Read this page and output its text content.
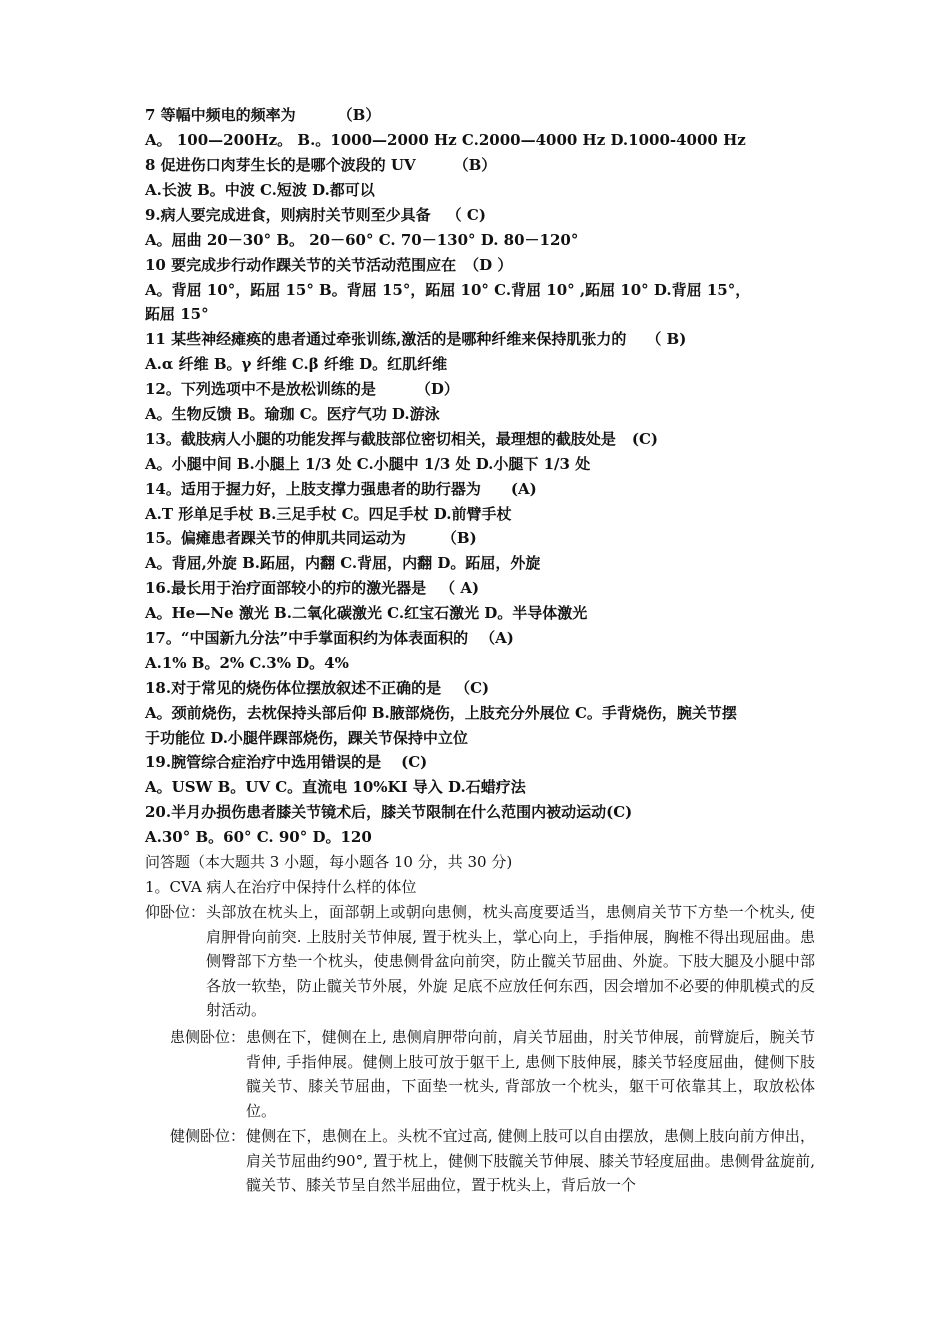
7 等幅中频电的频率为	（B）
A。 100—200Hz。 B.。1000—2000 Hz C.2000—4000 Hz D.1000-4000 Hz
8 促进伤口肉芽生长的是哪个波段的 UV	（B）
A.长波 B。中波 C.短波 D.都可以
9.病人要完成进食，则病肘关节则至少具备 （ C)
A。屈曲 20－30° B。 20－60° C. 70－130° D. 80－120°
10 要完成步行动作踝关节的关节活动范围应在 （D ）
A。背屈 10°，跖屈 15° B。背屈 15°，跖屈 10° C.背屈 10° ,跖屈 10° D.背屈 15°，
跖屈 15°
11 某些神经瘫痪的患者通过牵张训练,激活的是哪种纤维来保持肌张力的 （ B)
A.α 纤维 B。γ 纤维 C.β 纤维 D。红肌纤维
12。下列选项中不是放松训练的是	（D）
A。生物反馈 B。瑜珈 C。医疗气功 D.游泳
13。截肢病人小腿的功能发挥与截肢部位密切相关，最理想的截肢处是 (C)
A。小腿中间 B.小腿上 1/3 处 C.小腿中 1/3 处 D.小腿下 1/3 处
14。适用于握力好，上肢支撑力强患者的助行器为 (A)
A.T 形单足手杖 B.三足手杖 C。四足手杖 D.前臂手杖
15。偏瘫患者踝关节的伸肌共同运动为 （B)
A。背屈,外旋 B.跖屈，内翻 C.背屈，内翻 D。跖屈，外旋
16.最长用于治疗面部较小的疖的激光器是 （ A)
A。He—Ne 激光 B.二氧化碳激光 C.红宝石激光 D。半导体激光
17。“中国新九分法”中手掌面积约为体表面积的 （A)
A.1% B。2% C.3% D。4%
18.对于常见的烧伤体位摆放叙述不正确的是 （C)
A。颈前烧伤，去枕保持头部后仰 B.腋部烧伤，上肢充分外展位 C。手背烧伤，腕关节摆
于功能位 D.小腿伴踝部烧伤，踝关节保持中立位
19.腕管综合症治疗中选用错误的是 (C)
A。USW B。UV C。直流电 10%KI 导入 D.石蜡疗法
20.半月办损伤患者膝关节镜术后，膝关节限制在什么范围内被动运动(C)
A.30° B。60° C. 90° D。120
问答题（本大题共 3 小题，每小题各 10 分，共 30 分)
1。CVA 病人在治疗中保持什么样的体位
仰卧位： 头部放在枕头上，面部朝上或朝向患侧，枕头高度要适当，患侧肩关节下方垫一个枕头, 使肩胛骨向前突. 上肢肘关节伸展, 置于枕头上，掌心向上，手指伸展，胸椎不得出现屈曲。患侧臀部下方垫一个枕头，使患侧骨盆向前突，防止髋关节屈曲、外旋。下肢大腿及小腿中部各放一软垫，防止髋关节外展，外旋 足底不应放任何东西，因会增加不必要的伸肌模式的反射活动。
患侧卧位： 患侧在下，健侧在上, 患侧肩胛带向前，肩关节屈曲，肘关节伸展，前臂旋后，腕关节背伸, 手指伸展。健侧上肢可放于躯干上, 患侧下肢伸展，膝关节轻度屈曲，健侧下肢髋关节、膝关节屈曲，下面垫一枕头, 背部放一个枕头，躯干可依靠其上，取放松体位。
健侧卧位： 健侧在下，患侧在上。头枕不宜过高, 健侧上肢可以自由摆放，患侧上肢向前方伸出，肩关节屈曲约90°, 置于枕上，健侧下肢髋关节伸展、膝关节轻度屈曲。患侧骨盆旋前, 髋关节、膝关节呈自然半屈曲位，置于枕头上，背后放一个
